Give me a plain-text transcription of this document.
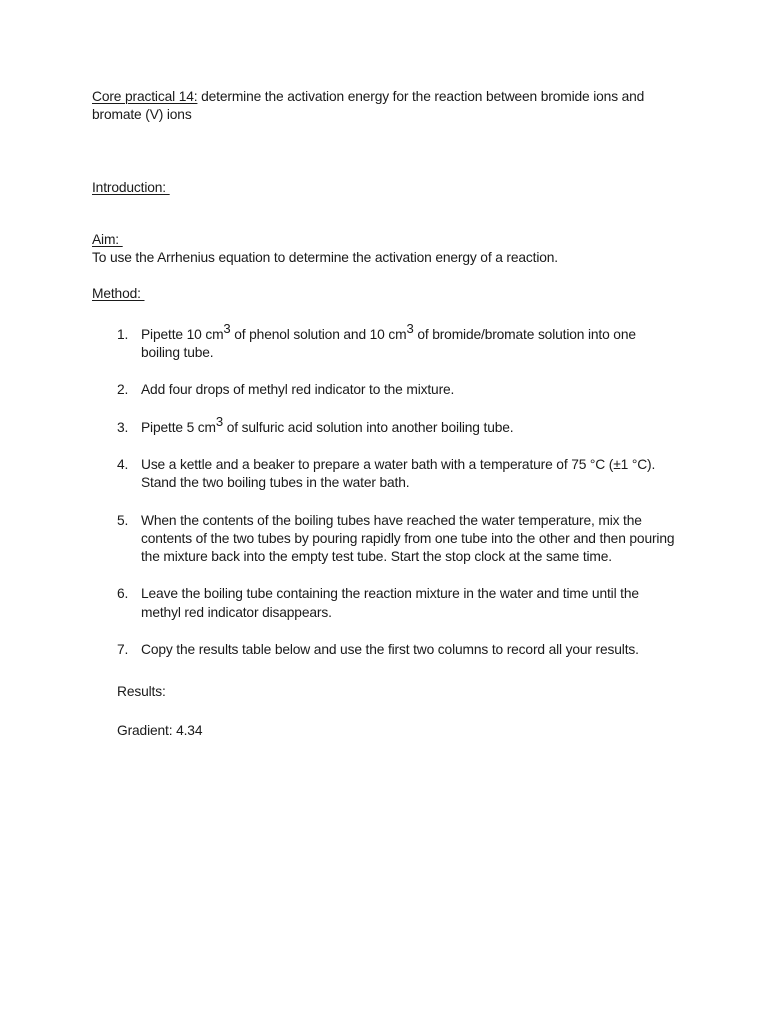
Core practical 14: determine the activation energy for the reaction between bromide ions and bromate (V) ions

Introduction:

Aim:

To use the Arrhenius equation to determine the activation energy of a reaction.

Method:

Pipette 10 $cm^3$ of phenol solution and 10 $cm^3$ of bromide/bromate solution into one boiling tube.
Add four drops of methyl red indicator to the mixture.
Pipette 5 $cm^3$ of sulfuric acid solution into another boiling tube.
Use a kettle and a beaker to prepare a water bath with a temperature of 75 °C (±1 °C). Stand the two boiling tubes in the water bath.
When the contents of the boiling tubes have reached the water temperature, mix the contents of the two tubes by pouring rapidly from one tube into the other and then pouring the mixture back into the empty test tube. Start the stop clock at the same time.
Leave the boiling tube containing the reaction mixture in the water and time until the methyl red indicator disappears.
Copy the results table below and use the first two columns to record all your results.

Results:

Gradient: 4.34
